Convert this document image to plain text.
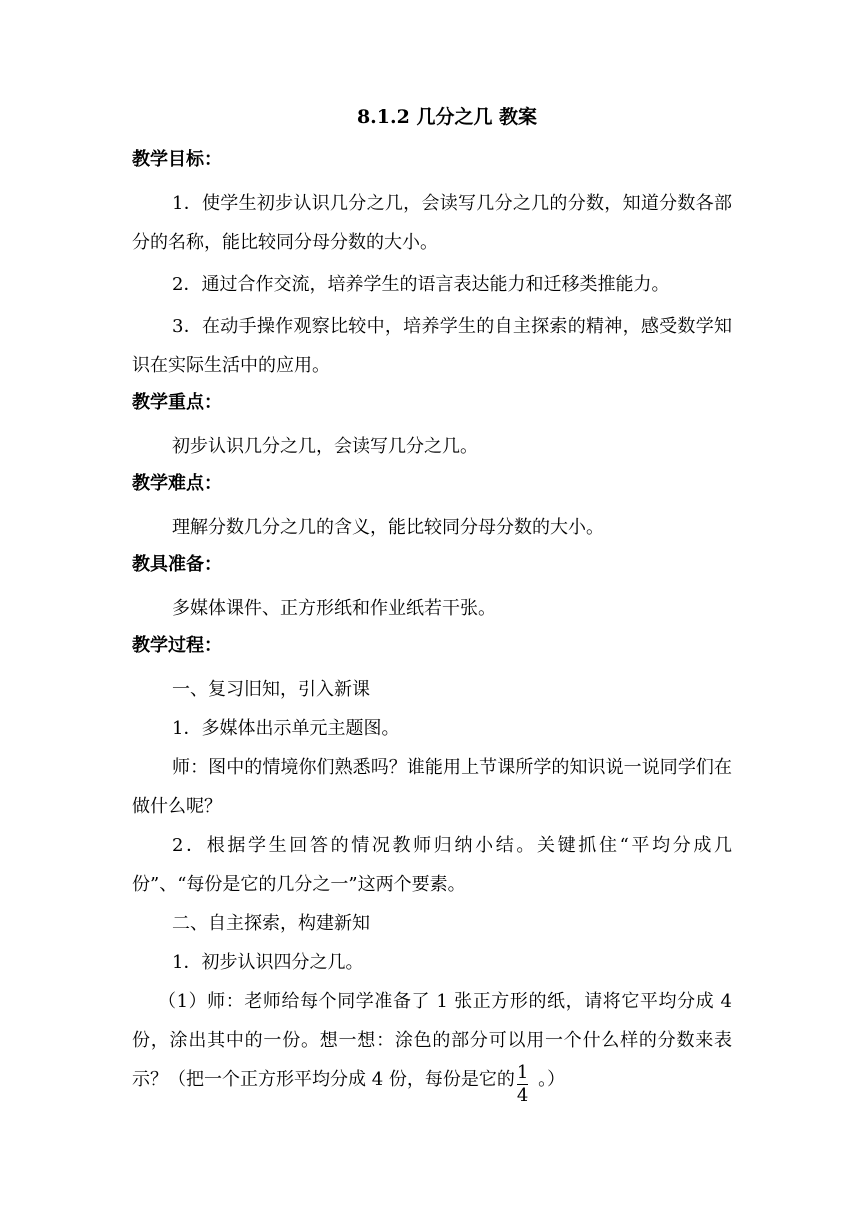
8.1.2 几分之几 教案
教学目标：

1．使学生初步认识几分之几，会读写几分之几的分数，知道分数各部分的名称，能比较同分母分数的大小。

2．通过合作交流，培养学生的语言表达能力和迁移类推能力。

3．在动手操作观察比较中，培养学生的自主探索的精神，感受数学知识在实际生活中的应用。

教学重点：

初步认识几分之几，会读写几分之几。

教学难点：

理解分数几分之几的含义，能比较同分母分数的大小。

教具准备：

多媒体课件、正方形纸和作业纸若干张。

教学过程：

一、复习旧知，引入新课

1．多媒体出示单元主题图。

师：图中的情境你们熟悉吗？谁能用上节课所学的知识说一说同学们在做什么呢？

2．根据学生回答的情况教师归纳小结。关键抓住“平均分成几份”、“每份是它的几分之一”这两个要素。

二、自主探索，构建新知

1．初步认识四分之几。

（1）师：老师给每个同学准备了 1 张正方形的纸，请将它平均分成 4 份，涂出其中的一份。想一想：涂色的部分可以用一个什么样的分数来表示？（把一个正方形平均分成 4 份，每份是它的 $\frac{1}{4}$ 。）
